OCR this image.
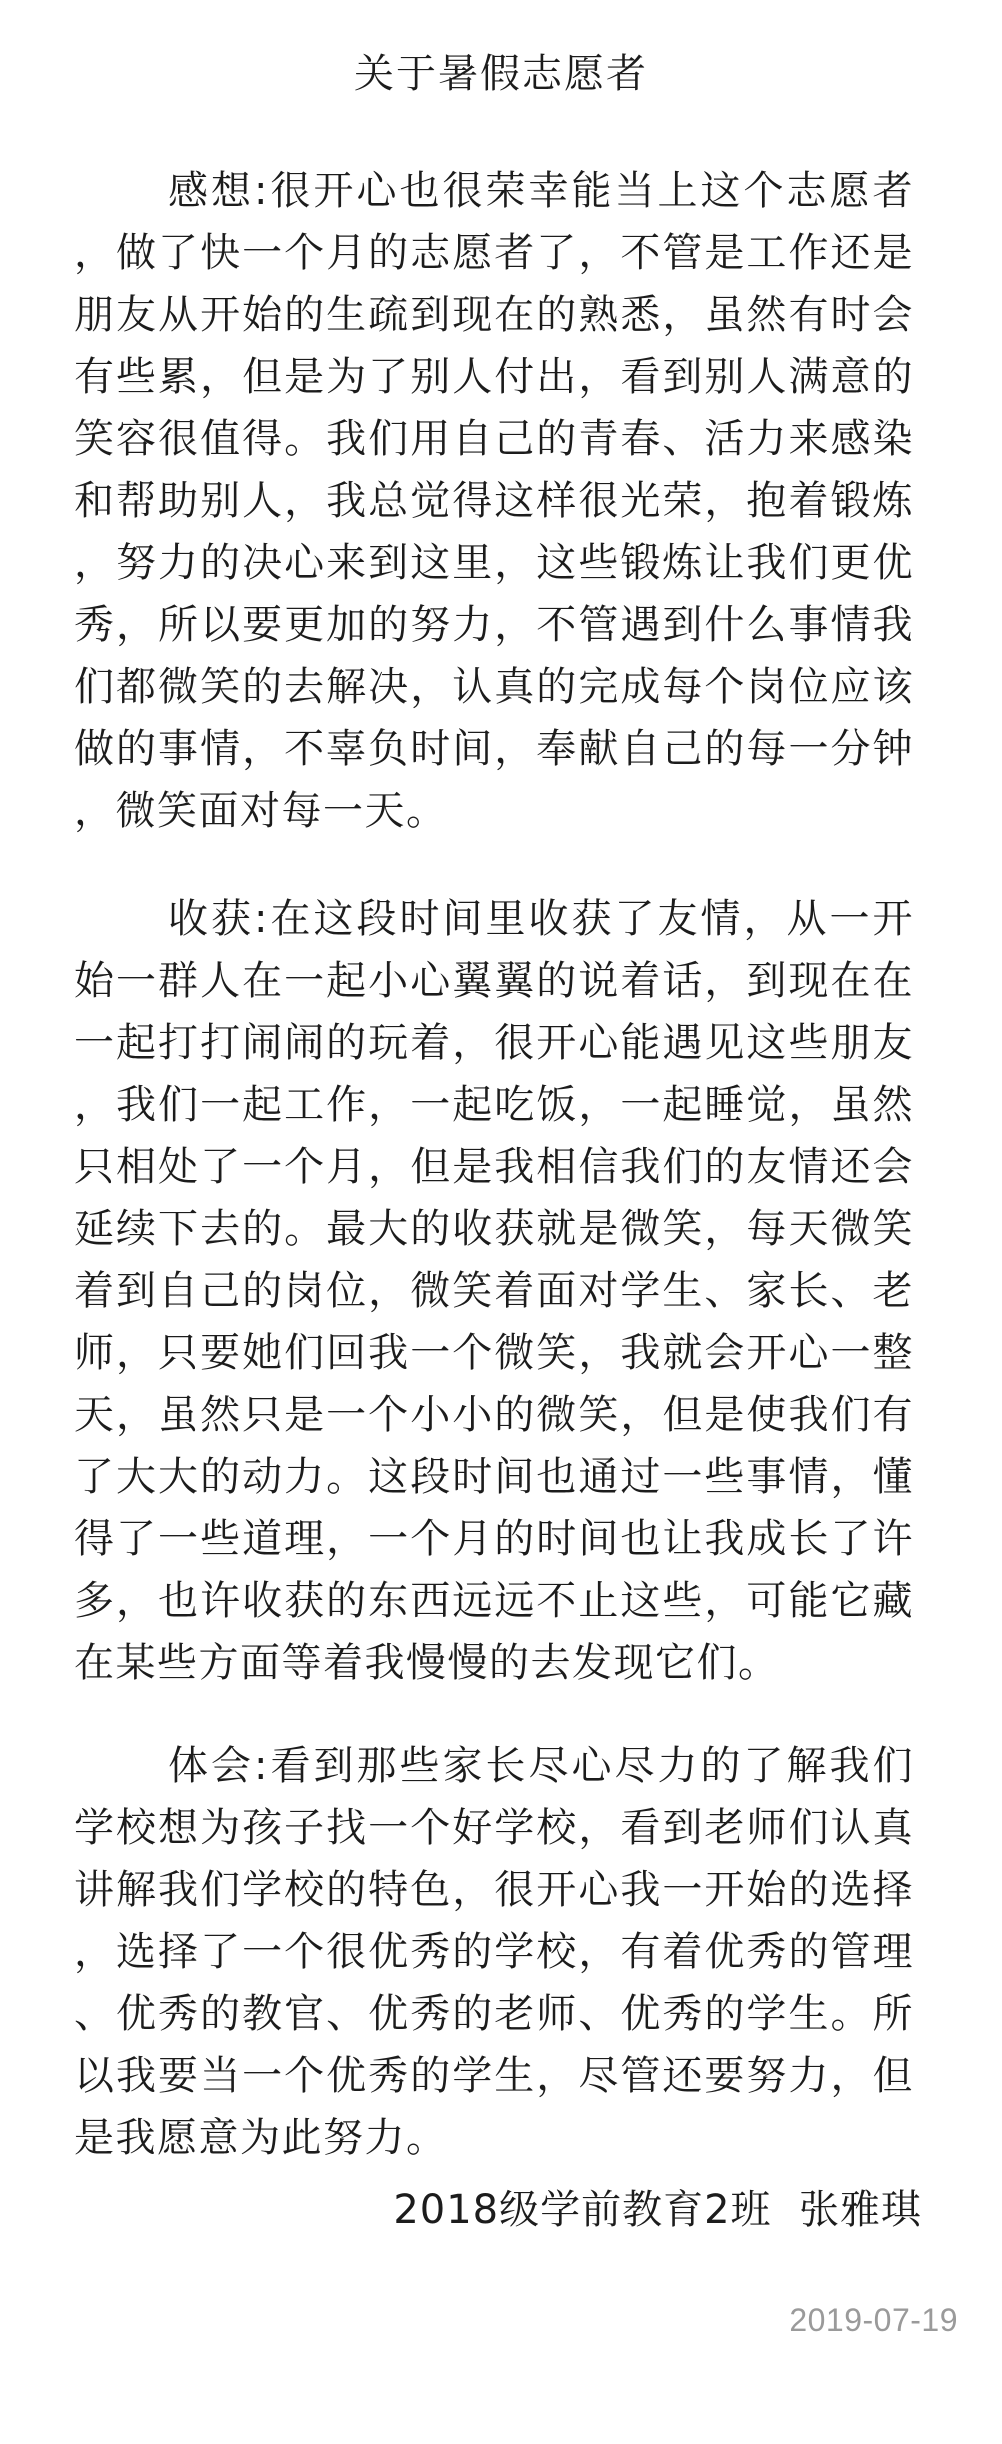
关于暑假志愿者

感想:很开心也很荣幸能当上这个志愿者，做了快一个月的志愿者了，不管是工作还是朋友从开始的生疏到现在的熟悉，虽然有时会有些累，但是为了别人付出，看到别人满意的笑容很值得。我们用自己的青春、活力来感染和帮助别人，我总觉得这样很光荣，抱着锻炼，努力的决心来到这里，这些锻炼让我们更优秀，所以要更加的努力，不管遇到什么事情我们都微笑的去解决，认真的完成每个岗位应该做的事情，不辜负时间，奉献自己的每一分钟，微笑面对每一天。

收获:在这段时间里收获了友情，从一开始一群人在一起小心翼翼的说着话，到现在在一起打打闹闹的玩着，很开心能遇见这些朋友，我们一起工作，一起吃饭，一起睡觉，虽然只相处了一个月，但是我相信我们的友情还会延续下去的。最大的收获就是微笑，每天微笑着到自己的岗位，微笑着面对学生、家长、老师，只要她们回我一个微笑，我就会开心一整天，虽然只是一个小小的微笑，但是使我们有了大大的动力。这段时间也通过一些事情，懂得了一些道理，一个月的时间也让我成长了许多，也许收获的东西远远不止这些，可能它藏在某些方面等着我慢慢的去发现它们。

体会:看到那些家长尽心尽力的了解我们学校想为孩子找一个好学校，看到老师们认真讲解我们学校的特色，很开心我一开始的选择，选择了一个很优秀的学校，有着优秀的管理、优秀的教官、优秀的老师、优秀的学生。所以我要当一个优秀的学生，尽管还要努力，但是我愿意为此努力。

2018级学前教育2班  张雅琪
2019-07-19
